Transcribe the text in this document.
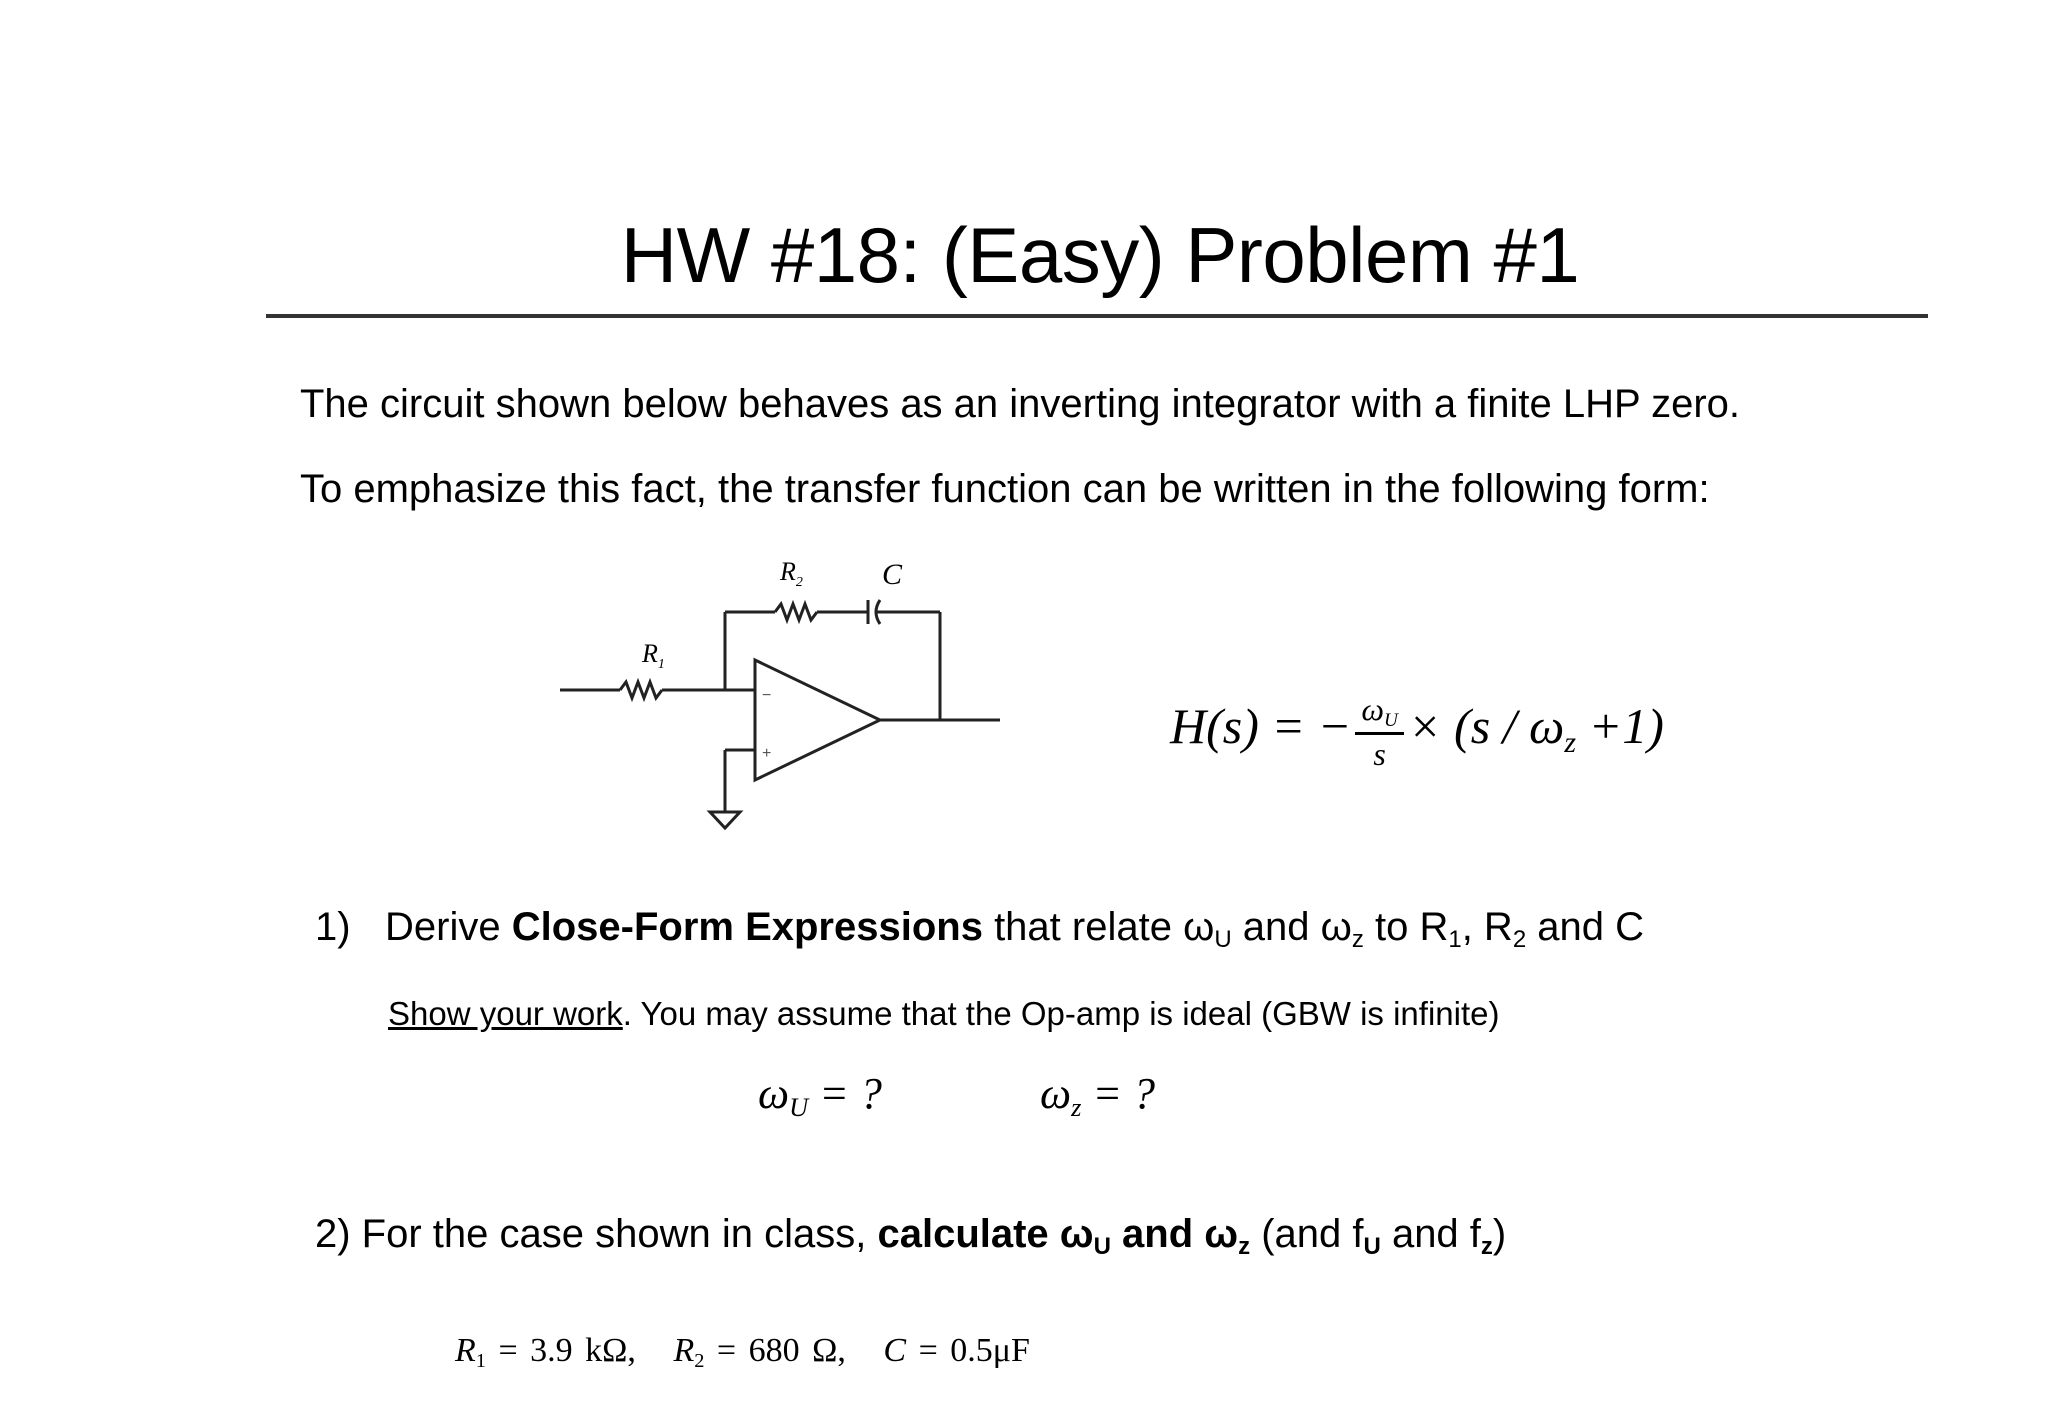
HW #18: (Easy) Problem #1
The circuit shown below behaves as an inverting integrator with a finite LHP zero.
To emphasize this fact, the transfer function can be written in the following form:
$R_1$
$R_2$	C
−
+	H(s) = − $\frac{\omega_U}{s} \times (s / \omega_z +1)$
1) Derive Close-Form Expressions that relate $\omega_U$ and $\omega_z$ to $R_1$, $R_2$ and C
Show your work. You may assume that the Op-amp is ideal (GBW is infinite)
$\omega_U$ = ?	$\omega_z$ = ?
2) For the case shown in class, calculate $\omega_U$ and $\omega_z$ (and $f_U$ and $f_z$)
$R_1 = 3.9$ kΩ, $R_2 = 680$ Ω, C = 0.5μF
